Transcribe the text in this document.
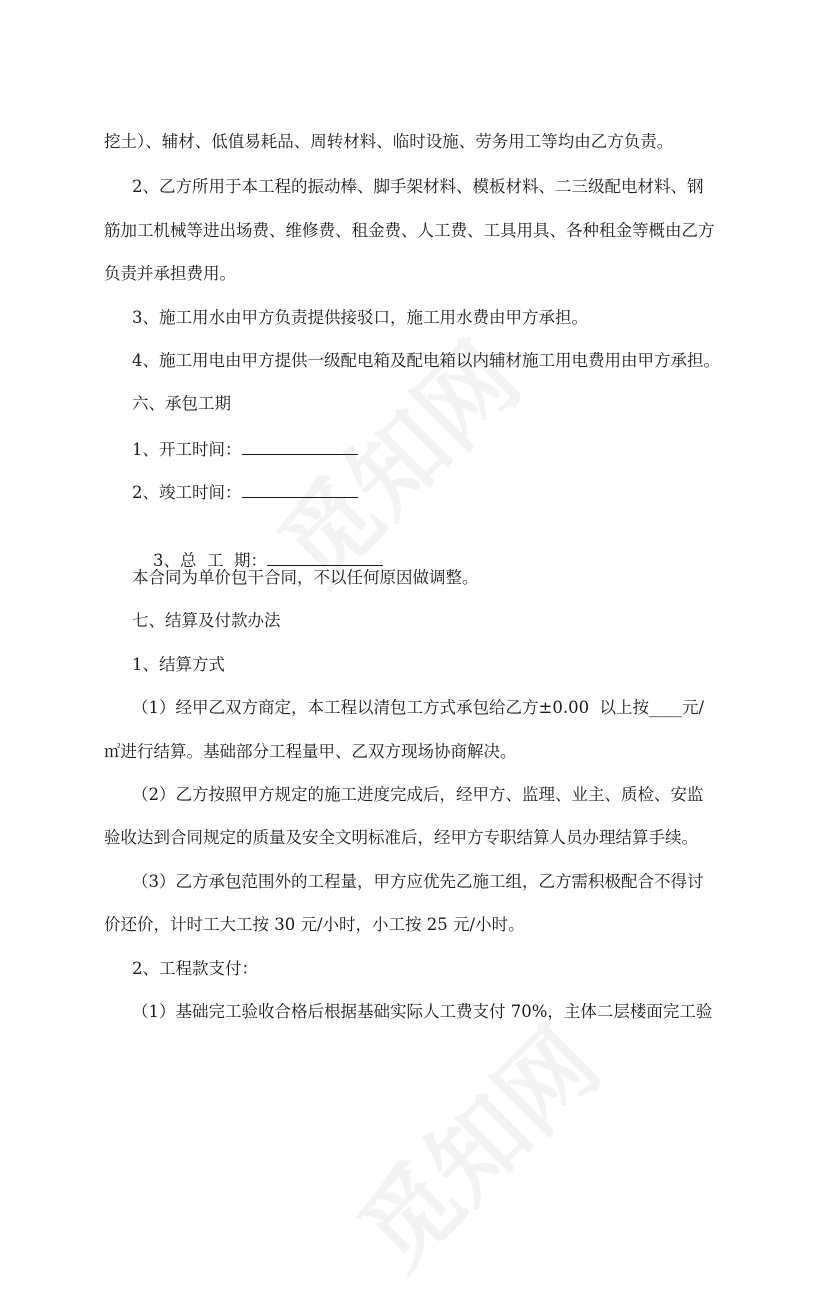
挖土）、辅材、低值易耗品、周转材料、临时设施、劳务用工等均由乙方负责。
2、乙方所用于本工程的振动棒、脚手架材料、模板材料、二三级配电材料、钢
筋加工机械等进出场费、维修费、租金费、人工费、工具用具、各种租金等概由乙方
负责并承担费用。
3、施工用水由甲方负责提供接驳口，施工用水费由甲方承担。
4、施工用电由甲方提供一级配电箱及配电箱以内辅材施工用电费用由甲方承担。
六、承包工期
1、开工时间：
2、竣工时间：

3、总  工  期：

本合同为单价包干合同，不以任何原因做调整。
七、结算及付款办法
1、结算方式
（1）经甲乙双方商定，本工程以清包工方式承包给乙方±0.00  以上按____元/
㎡进行结算。基础部分工程量甲、乙双方现场协商解决。
（2）乙方按照甲方规定的施工进度完成后，经甲方、监理、业主、质检、安监
验收达到合同规定的质量及安全文明标准后，经甲方专职结算人员办理结算手续。
（3）乙方承包范围外的工程量，甲方应优先乙施工组，乙方需积极配合不得讨
价还价，计时工大工按 30 元/小时，小工按 25 元/小时。
2、工程款支付：
（1）基础完工验收合格后根据基础实际人工费支付 70%，主体二层楼面完工验
